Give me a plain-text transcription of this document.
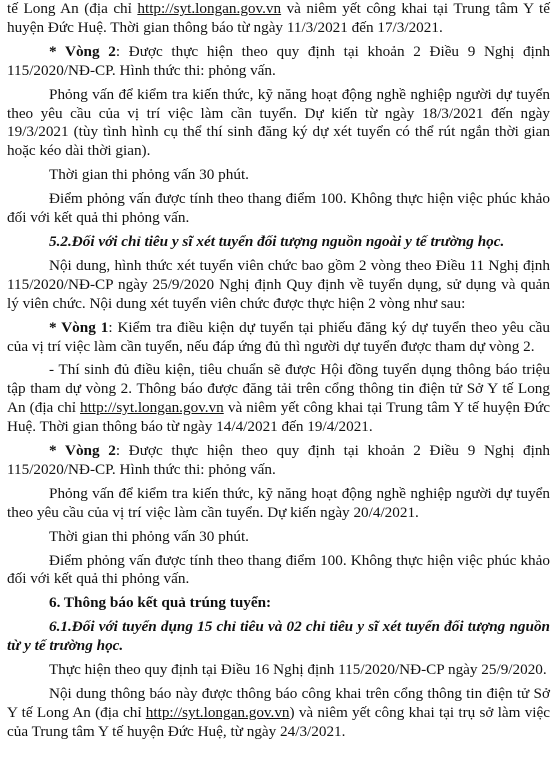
tế Long An (địa chỉ http://syt.longan.gov.vn và niêm yết công khai tại Trung tâm Y tế huyện Đức Huệ. Thời gian thông báo từ ngày 11/3/2021 đến 17/3/2021.

* Vòng 2: Được thực hiện theo quy định tại khoản 2 Điều 9 Nghị định 115/2020/NĐ-CP. Hình thức thi: phỏng vấn.

Phỏng vấn để kiểm tra kiến thức, kỹ năng hoạt động nghề nghiệp người dự tuyển theo yêu cầu của vị trí việc làm cần tuyển. Dự kiến từ ngày 18/3/2021 đến ngày 19/3/2021 (tùy tình hình cụ thể thí sinh đăng ký dự xét tuyển có thể rút ngắn thời gian hoặc kéo dài thời gian).

Thời gian thi phỏng vấn 30 phút.

Điểm phỏng vấn được tính theo thang điểm 100. Không thực hiện việc phúc khảo đối với kết quả thi phỏng vấn.

5.2.Đối với chỉ tiêu y sĩ xét tuyển đối tượng nguồn ngoài y tế trường học.

Nội dung, hình thức xét tuyển viên chức bao gồm 2 vòng theo Điều 11 Nghị định 115/2020/NĐ-CP ngày 25/9/2020 Nghị định Quy định về tuyển dụng, sử dụng và quản lý viên chức. Nội dung xét tuyển viên chức được thực hiện 2 vòng như sau:

* Vòng 1: Kiểm tra điều kiện dự tuyển tại phiếu đăng ký dự tuyển theo yêu cầu của vị trí việc làm cần tuyển, nếu đáp ứng đủ thì người dự tuyển được tham dự vòng 2.

- Thí sinh đủ điều kiện, tiêu chuẩn sẽ được Hội đồng tuyển dụng thông báo triệu tập tham dự vòng 2. Thông báo được đăng tải trên cổng thông tin điện tử Sở Y tế Long An (địa chỉ http://syt.longan.gov.vn và niêm yết công khai tại Trung tâm Y tế huyện Đức Huệ. Thời gian thông báo từ ngày 14/4/2021 đến 19/4/2021.

* Vòng 2: Được thực hiện theo quy định tại khoản 2 Điều 9 Nghị định 115/2020/NĐ-CP. Hình thức thi: phỏng vấn.

Phỏng vấn để kiểm tra kiến thức, kỹ năng hoạt động nghề nghiệp người dự tuyển theo yêu cầu của vị trí việc làm cần tuyển. Dự kiến ngày 20/4/2021.

Thời gian thi phỏng vấn 30 phút.

Điểm phỏng vấn được tính theo thang điểm 100. Không thực hiện việc phúc khảo đối với kết quả thi phỏng vấn.

6. Thông báo kết quả trúng tuyển:

6.1.Đối với tuyển dụng 15 chỉ tiêu và 02 chỉ tiêu y sĩ xét tuyển đối tượng nguồn từ y tế trường học.

Thực hiện theo quy định tại Điều 16 Nghị định 115/2020/NĐ-CP ngày 25/9/2020.

Nội dung thông báo này được thông báo công khai trên cổng thông tin điện tử Sở Y tế Long An (địa chỉ http://syt.longan.gov.vn) và niêm yết công khai tại trụ sở làm việc của Trung tâm Y tế huyện Đức Huệ, từ ngày 24/3/2021.
